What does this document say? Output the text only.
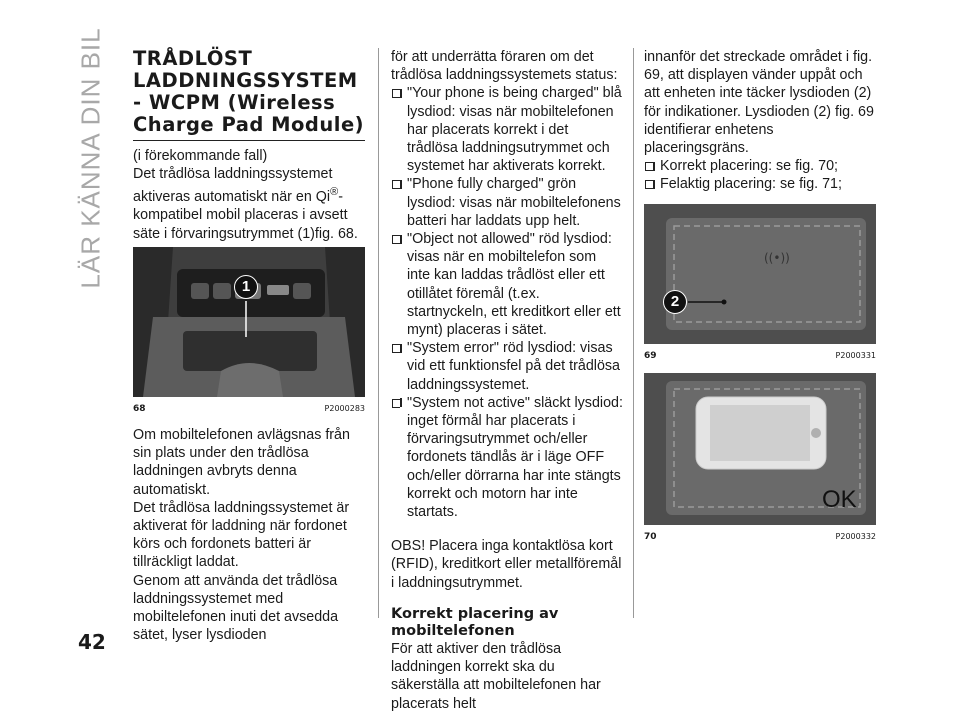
LÄR KÄNNA DIN BIL
42
TRÅDLÖST LADDNINGSSYSTEM - WCPM (Wireless Charge Pad Module)

(i förekommande fall)

Det trådlösa laddningssystemet aktiveras automatiskt när en Qi®-kompatibel mobil placeras i avsett säte i förvaringsutrymmet (1)fig. 68.

1
68	P2000283

Om mobiltelefonen avlägsnas från sin plats under den trådlösa laddningen avbryts denna automatiskt.

Det trådlösa laddningssystemet är aktiverat för laddning när fordonet körs och fordonets batteri är tillräckligt laddat.

Genom att använda det trådlösa laddningssystemet med mobiltelefonen inuti det avsedda sätet, lyser lysdioden

för att underrätta föraren om det trådlösa laddningssystemets status:

"Your phone is being charged" blå lysdiod: visas när mobiltelefonen har placerats korrekt i det trådlösa laddningsutrymmet och systemet har aktiverats korrekt.
"Phone fully charged" grön lysdiod: visas när mobiltelefonens batteri har laddats upp helt.
"Object not allowed" röd lysdiod: visas när en mobiltelefon som inte kan laddas trådlöst eller ett otillåtet föremål (t.ex. startnyckeln, ett kreditkort eller ett mynt) placeras i sätet.
"System error" röd lysdiod: visas vid ett funktionsfel på det trådlösa laddningssystemet.
"System not active" släckt lysdiod: inget förmål har placerats i förvaringsutrymmet och/eller fordonets tändlås är i läge OFF och/eller dörrarna har inte stängts korrekt och motorn har inte startats.

OBS! Placera inga kontaktlösa kort (RFID), kreditkort eller metallföremål i laddningsutrymmet.

Korrekt placering av mobiltelefonen

För att aktiver den trådlösa laddningen korrekt ska du säkerställa att mobiltelefonen har placerats helt

innanför det streckade området i fig. 69, att displayen vänder uppåt och att enheten inte täcker lysdioden (2) för indikationer. Lysdioden (2) fig. 69 identifierar enhetens placeringsgräns.

Korrekt placering: se fig. 70;
Felaktig placering: se fig. 71;
((•))
2
69	P2000331
OK
70	P2000332
